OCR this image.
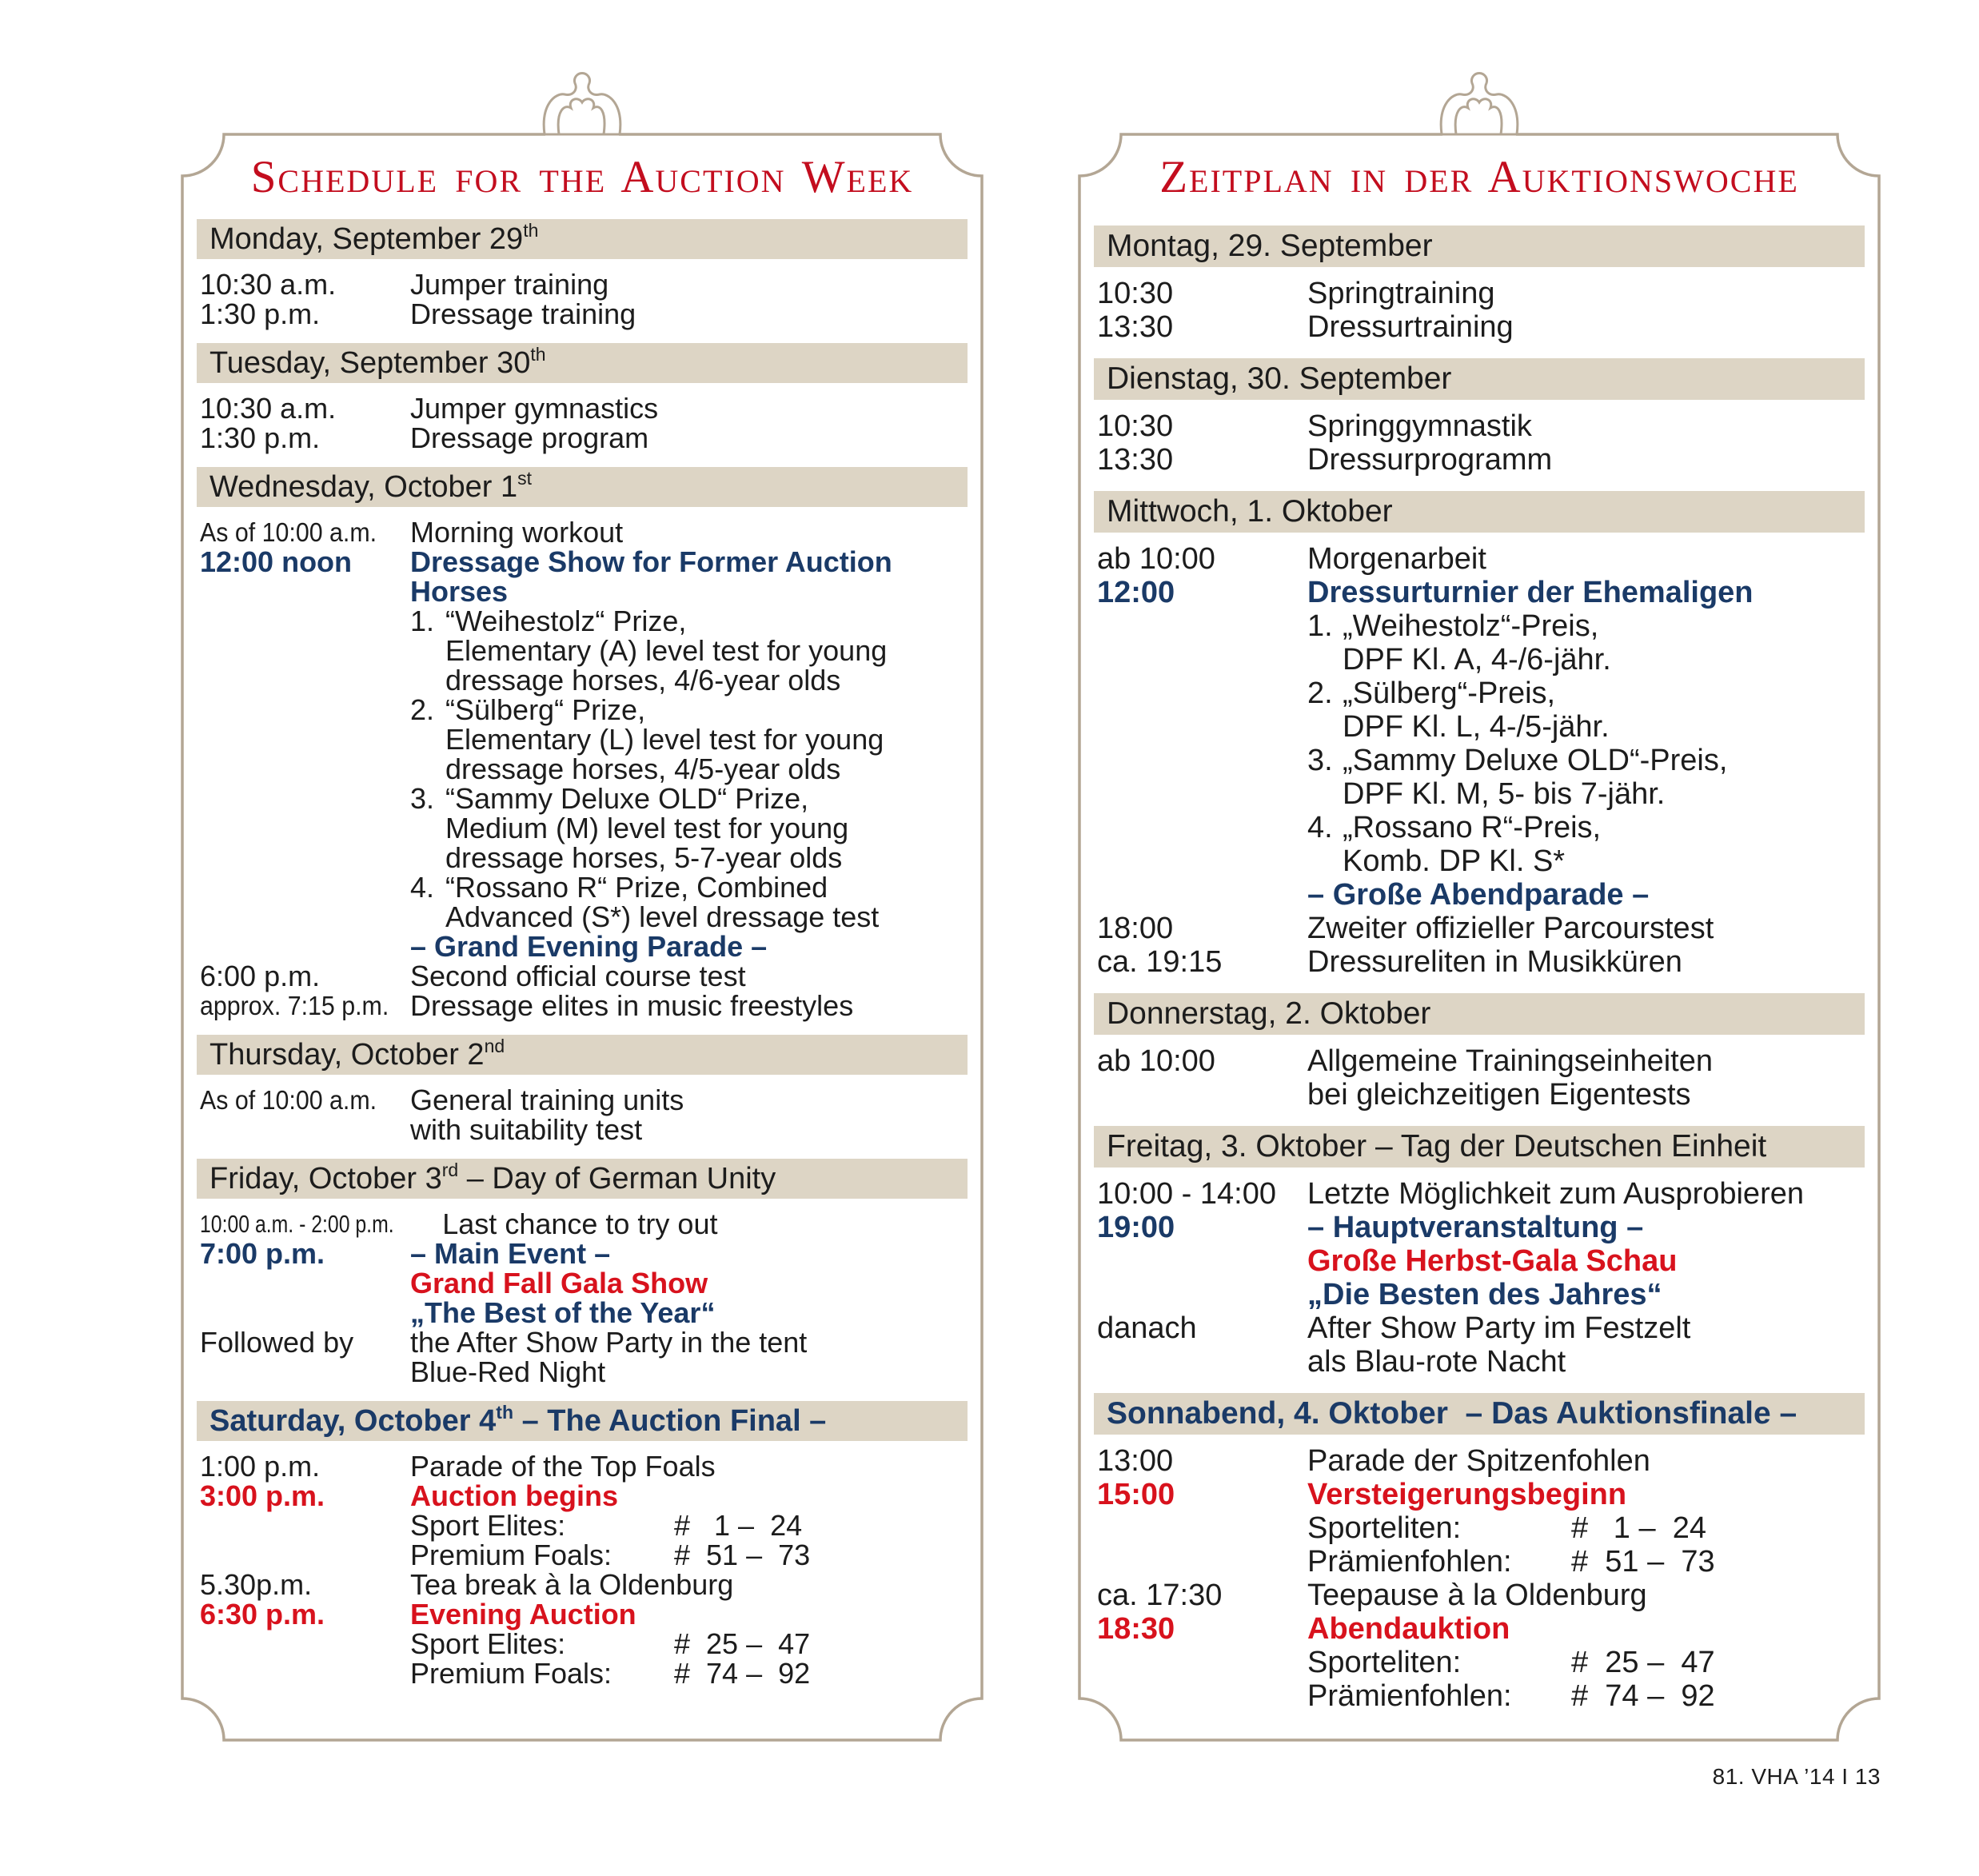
Schedule for the Auction Week
Monday, September 29 th
10:30 a.m.	Jumper training
1:30 p.m.	Dressage training
Tuesday, September 30 th
10:30 a.m.	Jumper gymnastics
1:30 p.m.	Dressage program
Wednesday, October 1 st
As of 10:00 a.m.	Morning workout
12:00 noon	Dressage Show for Former Auction Horses
1. “Weihestolz“ Prize,
Elementary (A) level test for young
dressage horses, 4/6-year olds
2. “Sülberg“ Prize,
Elementary (L) level test for young
dressage horses, 4/5-year olds
3. “Sammy Deluxe OLD“ Prize,
Medium (M) level test for young
dressage horses, 5-7-year olds
4. “Rossano R“ Prize, Combined
Advanced (S*) level dressage test
– Grand Evening Parade –
6:00 p.m.	Second official course test
approx. 7:15 p.m. Dressage elites in music freestyles
Thursday, October 2 nd
As of 10:00 a.m.	General training units
with suitability test
Friday, October 3 rd – Day of German Unity
10:00 a.m. - 2:00 p.m. Last chance to try out
7:00 p.m.	– Main Event –
Grand Fall Gala Show
„The Best of the Year“
Followed by	the After Show Party in the tent
Blue-Red Night
Saturday, October 4 th – The Auction Final –
1:00 p.m.	Parade of the Top Foals
3:00 p.m.	Auction begins
Sport Elites:	#   1 –  24
Premium Foals:	#  51 –  73
5.30p.m.	Tea break à la Oldenburg
6:30 p.m.	Evening Auction
Sport Elites:	#  25 –  47
Premium Foals:	#  74 –  92
Zeitplan in der Auktionswoche
Montag, 29. September
10:30	Springtraining
13:30	Dressurtraining
Dienstag, 30. September
10:30	Springgymnastik
13:30	Dressurprogramm
Mittwoch, 1. Oktober
ab 10:00	Morgenarbeit
12:00	Dressurturnier der Ehemaligen
1. „Weihestolz“-Preis,
DPF Kl. A, 4-/6-jähr.
2. „Sülberg“-Preis,
DPF Kl. L, 4-/5-jähr.
3. „Sammy Deluxe OLD“-Preis,
DPF Kl. M, 5- bis 7-jähr.
4. „Rossano R“-Preis,
Komb. DP Kl. S*
– Große Abendparade –
18:00	Zweiter offizieller Parcourstest
ca. 19:15	Dressureliten in Musikküren
Donnerstag, 2. Oktober
ab 10:00	Allgemeine Trainingseinheiten
bei gleichzeitigen Eigentests
Freitag, 3. Oktober – Tag der Deutschen Einheit
10:00 - 14:00	Letzte Möglichkeit zum Ausprobieren
19:00	– Hauptveranstaltung –
Große Herbst-Gala Schau
„Die Besten des Jahres“
danach	After Show Party im Festzelt
als Blau-rote Nacht
Sonnabend, 4. Oktober  – Das Auktionsfinale –
13:00	Parade der Spitzenfohlen
15:00	Versteigerungsbeginn
Sporteliten:	#   1 –  24
Prämienfohlen:	#  51 –  73
ca. 17:30	Teepause à la Oldenburg
18:30	Abendauktion
Sporteliten:	#  25 –  47
Prämienfohlen:	#  74 –  92
81. VHA ’14 I 13
